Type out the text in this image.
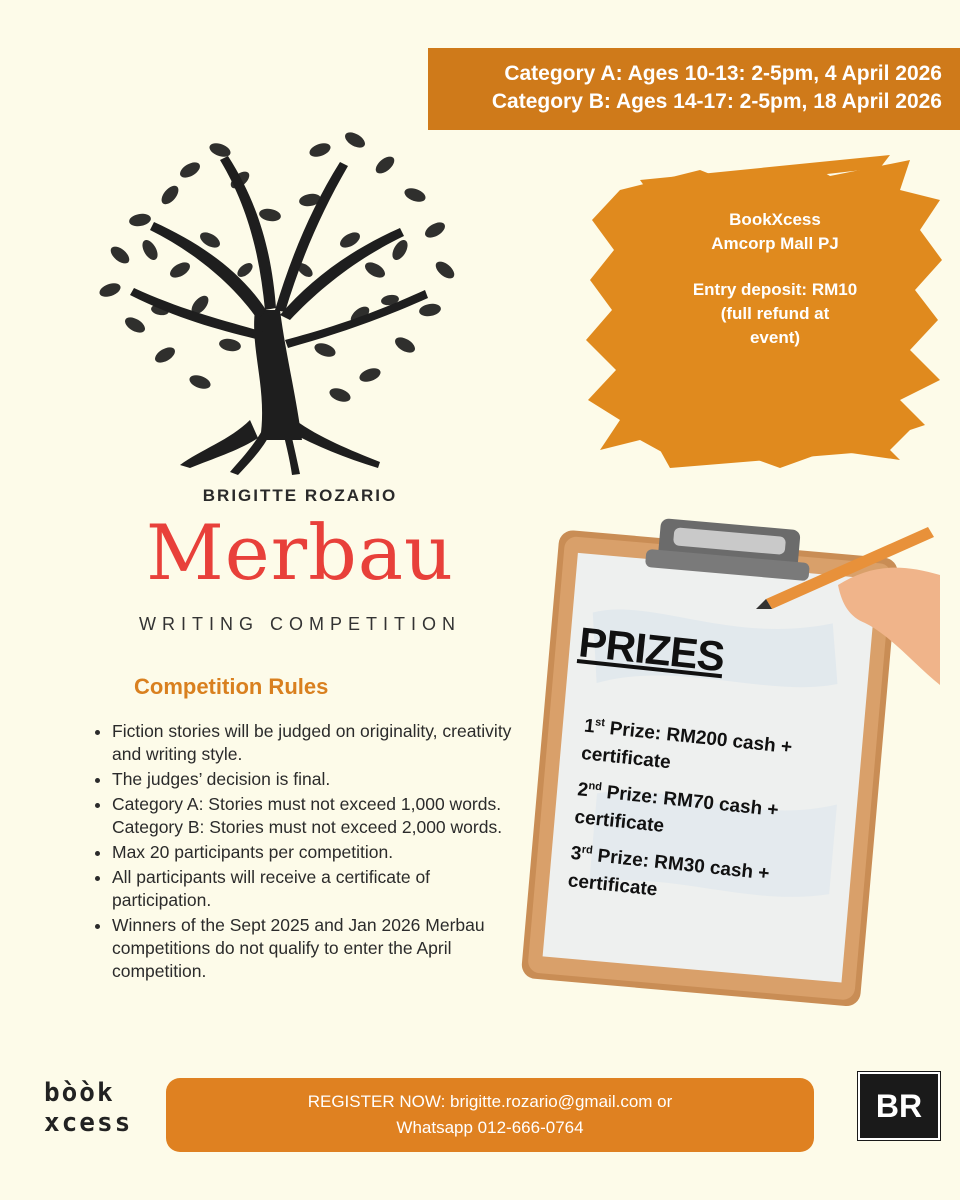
Category A: Ages 10-13: 2-5pm, 4 April 2026
Category B: Ages 14-17: 2-5pm, 18 April 2026
BookXcess
Amcorp Mall PJ
Entry deposit: RM10
(full refund at
event)
BRIGITTE ROZARIO
Merbau
WRITING COMPETITION
Competition Rules
• Fiction stories will be judged on originality, creativity and writing style.
• The judges’ decision is final.
• Category A: Stories must not exceed 1,000 words. Category B: Stories must not exceed 2,000 words.
• Max 20 participants per competition.
• All participants will receive a certificate of participation.
• Winners of the Sept 2025 and Jan 2026 Merbau competitions do not qualify to enter the April competition.
PRIZES
1st Prize: RM200 cash + certificate
2nd Prize: RM70 cash + certificate
3rd Prize: RM30 cash + certificate
bòòk
xcess
REGISTER NOW: brigitte.rozario@gmail.com or
Whatsapp 012-666-0764
BR
